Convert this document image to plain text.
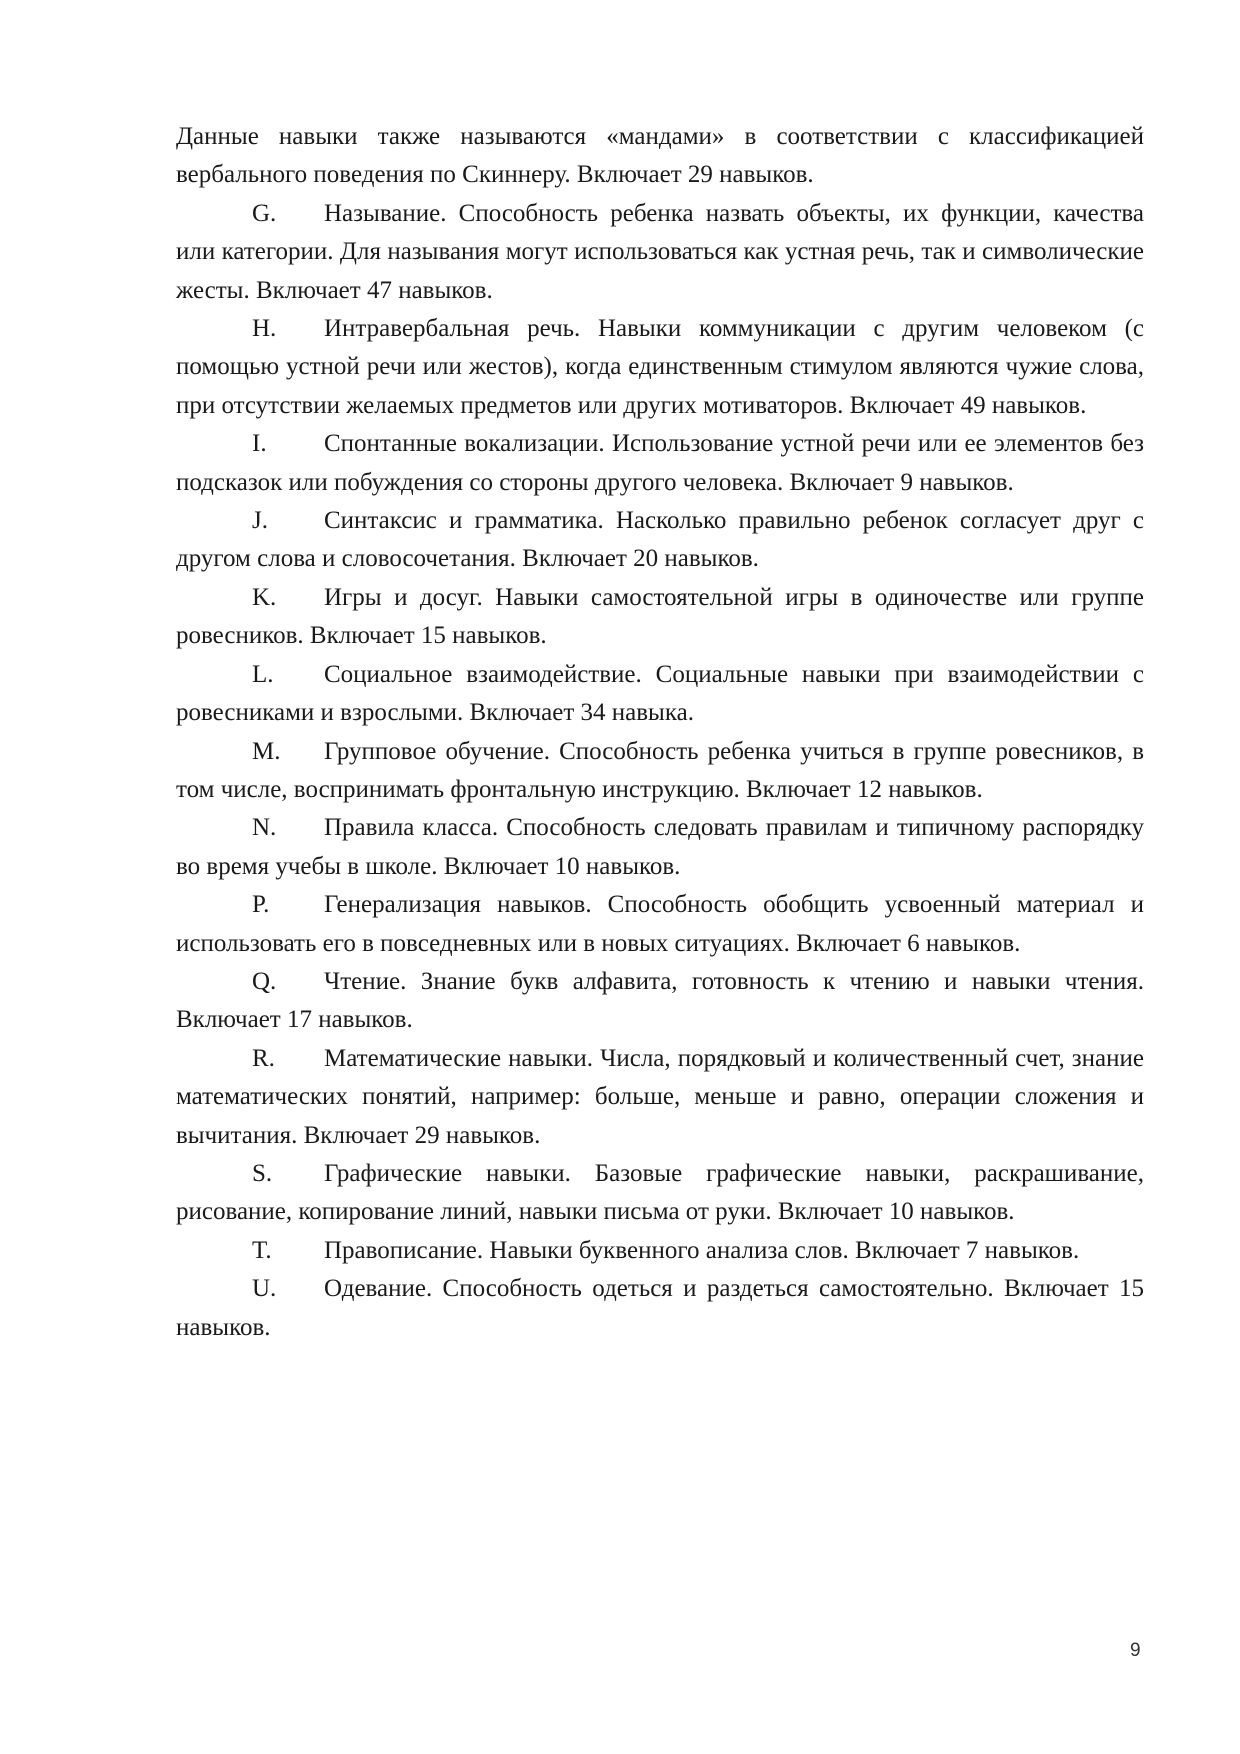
Данные навыки также называются «мандами» в соответствии с классификацией вербального поведения по Скиннеру. Включает 29 навыков.

G. Называние. Способность ребенка назвать объекты, их функции, качества или категории. Для называния могут использоваться как устная речь, так и символические жесты. Включает 47 навыков.

H. Интравербальная речь. Навыки коммуникации с другим человеком (с помощью устной речи или жестов), когда единственным стимулом являются чужие слова, при отсутствии желаемых предметов или других мотиваторов. Включает 49 навыков.

I. Спонтанные вокализации. Использование устной речи или ее элементов без подсказок или побуждения со стороны другого человека. Включает 9 навыков.

J. Синтаксис и грамматика. Насколько правильно ребенок согласует друг с другом слова и словосочетания. Включает 20 навыков.

K. Игры и досуг. Навыки самостоятельной игры в одиночестве или группе ровесников. Включает 15 навыков.

L. Социальное взаимодействие. Социальные навыки при взаимодействии с ровесниками и взрослыми. Включает 34 навыка.

M. Групповое обучение. Способность ребенка учиться в группе ровесников, в том числе, воспринимать фронтальную инструкцию. Включает 12 навыков.

N. Правила класса. Способность следовать правилам и типичному распорядку во время учебы в школе. Включает 10 навыков.

P. Генерализация навыков. Способность обобщить усвоенный материал и использовать его в повседневных или в новых ситуациях. Включает 6 навыков.

Q. Чтение. Знание букв алфавита, готовность к чтению и навыки чтения. Включает 17 навыков.

R. Математические навыки. Числа, порядковый и количественный счет, знание математических понятий, например: больше, меньше и равно, операции сложения и вычитания. Включает 29 навыков.

S. Графические навыки. Базовые графические навыки, раскрашивание, рисование, копирование линий, навыки письма от руки. Включает 10 навыков.

T. Правописание. Навыки буквенного анализа слов. Включает 7 навыков.

U. Одевание. Способность одеться и раздеться самостоятельно. Включает 15 навыков.

9
